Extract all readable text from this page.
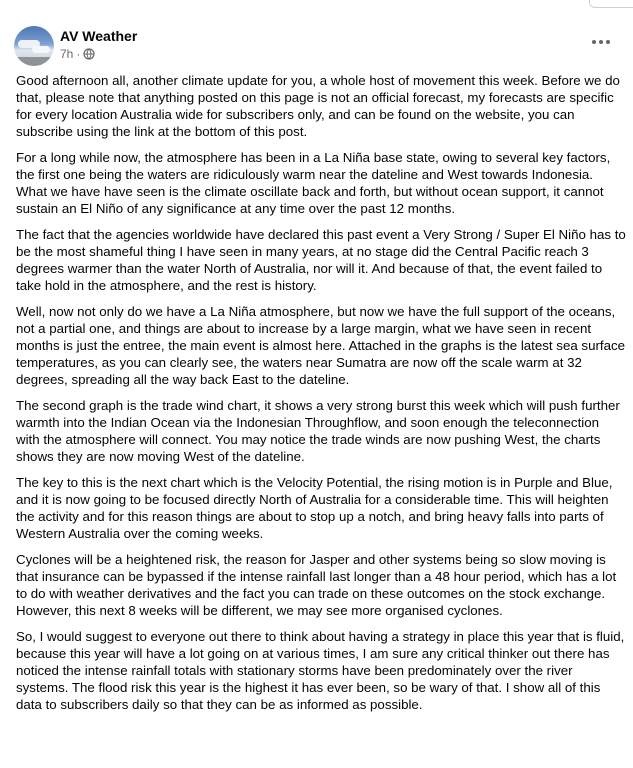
AV Weather
7h ·

Good afternoon all, another climate update for you, a whole host of movement this week. Before we do that, please note that anything posted on this page is not an official forecast, my forecasts are specific for every location Australia wide for subscribers only, and can be found on the website, you can subscribe using the link at the bottom of this post.

For a long while now, the atmosphere has been in a La Niña base state, owing to several key factors, the first one being the waters are ridiculously warm near the dateline and West towards Indonesia. What we have have seen is the climate oscillate back and forth, but without ocean support, it cannot sustain an El Niño of any significance at any time over the past 12 months.

The fact that the agencies worldwide have declared this past event a Very Strong / Super El Niño has to be the most shameful thing I have seen in many years, at no stage did the Central Pacific reach 3 degrees warmer than the water North of Australia, nor will it. And because of that, the event failed to take hold in the atmosphere, and the rest is history.

Well, now not only do we have a La Niña atmosphere, but now we have the full support of the oceans, not a partial one, and things are about to increase by a large margin, what we have seen in recent months is just the entree, the main event is almost here. Attached in the graphs is the latest sea surface temperatures, as you can clearly see, the waters near Sumatra are now off the scale warm at 32 degrees, spreading all the way back East to the dateline.

The second graph is the trade wind chart, it shows a very strong burst this week which will push further warmth into the Indian Ocean via the Indonesian Throughflow, and soon enough the teleconnection with the atmosphere will connect. You may notice the trade winds are now pushing West, the charts shows they are now moving West of the dateline.

The key to this is the next chart which is the Velocity Potential, the rising motion is in Purple and Blue, and it is now going to be focused directly North of Australia for a considerable time. This will heighten the activity and for this reason things are about to stop up a notch, and bring heavy falls into parts of Western Australia over the coming weeks.

Cyclones will be a heightened risk, the reason for Jasper and other systems being so slow moving is that insurance can be bypassed if the intense rainfall last longer than a 48 hour period, which has a lot to do with weather derivatives and the fact you can trade on these outcomes on the stock exchange. However, this next 8 weeks will be different, we may see more organised cyclones.

So, I would suggest to everyone out there to think about having a strategy in place this year that is fluid, because this year will have a lot going on at various times, I am sure any critical thinker out there has noticed the intense rainfall totals with stationary storms have been predominately over the river systems. The flood risk this year is the highest it has ever been, so be wary of that. I show all of this data to subscribers daily so that they can be as informed as possible.
